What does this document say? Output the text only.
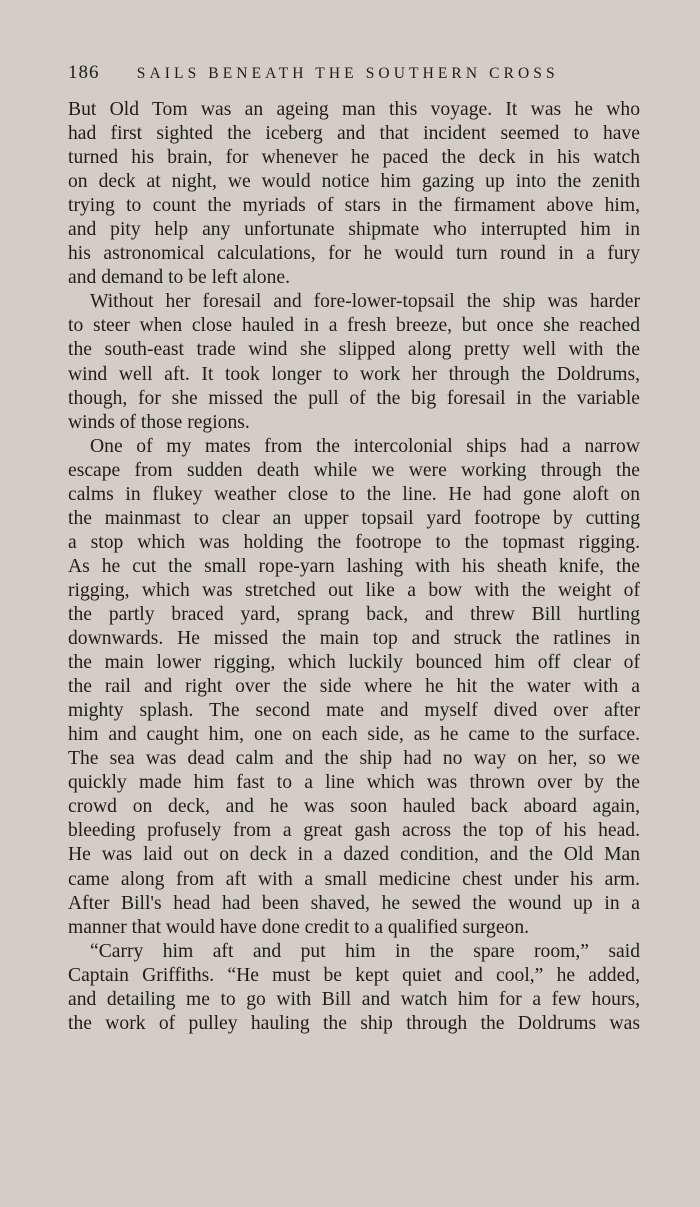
186 SAILS BENEATH THE SOUTHERN CROSS
But Old Tom was an ageing man this voyage. It was he who
had first sighted the iceberg and that incident seemed to have
turned his brain, for whenever he paced the deck in his watch
on deck at night, we would notice him gazing up into the zenith
trying to count the myriads of stars in the firmament above him,
and pity help any unfortunate shipmate who interrupted him in
his astronomical calculations, for he would turn round in a fury
and demand to be left alone.
Without her foresail and fore-lower-topsail the ship was harder
to steer when close hauled in a fresh breeze, but once she reached
the south-east trade wind she slipped along pretty well with the
wind well aft. It took longer to work her through the Doldrums,
though, for she missed the pull of the big foresail in the variable
winds of those regions.
One of my mates from the intercolonial ships had a narrow
escape from sudden death while we were working through the
calms in flukey weather close to the line. He had gone aloft on
the mainmast to clear an upper topsail yard footrope by cutting
a stop which was holding the footrope to the topmast rigging.
As he cut the small rope-yarn lashing with his sheath knife, the
rigging, which was stretched out like a bow with the weight of
the partly braced yard, sprang back, and threw Bill hurtling
downwards. He missed the main top and struck the ratlines in
the main lower rigging, which luckily bounced him off clear of
the rail and right over the side where he hit the water with a
mighty splash. The second mate and myself dived over after
him and caught him, one on each side, as he came to the surface.
The sea was dead calm and the ship had no way on her, so we
quickly made him fast to a line which was thrown over by the
crowd on deck, and he was soon hauled back aboard again,
bleeding profusely from a great gash across the top of his head.
He was laid out on deck in a dazed condition, and the Old Man
came along from aft with a small medicine chest under his arm.
After Bill's head had been shaved, he sewed the wound up in a
manner that would have done credit to a qualified surgeon.
“Carry him aft and put him in the spare room,” said
Captain Griffiths. “He must be kept quiet and cool,” he added,
and detailing me to go with Bill and watch him for a few hours,
the work of pulley hauling the ship through the Doldrums was
